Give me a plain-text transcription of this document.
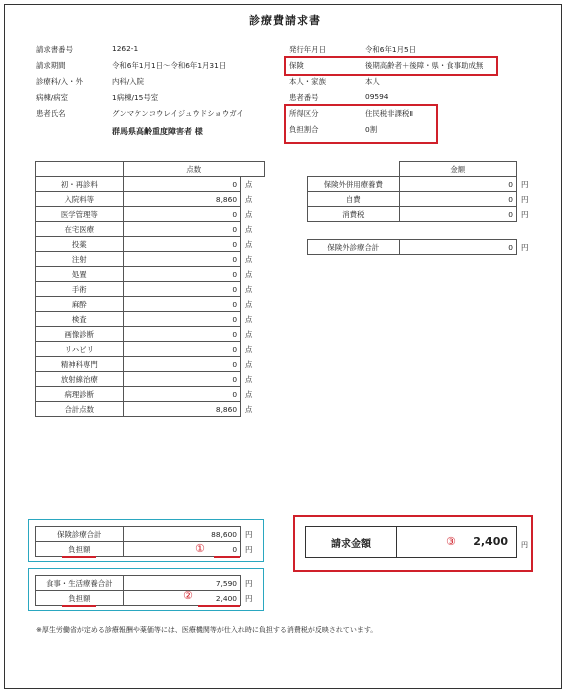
診療費請求書
請求書番号	1262-1
請求期間	令和6年1月1日～令和6年1月31日
診療科/入・外	内科/入院
病棟/病室	1病棟/15号室
患者氏名	グンマケンコウレイジュウドショウガイ
群馬県高齢重度障害者 様
発行年月日	令和6年1月5日
保険	後期高齢者＋後障・県・食事助成無
本人・家族	本人
患者番号	09594
所得区分	住民税非課税Ⅱ
負担割合	0割
	点数	
初・再診料	0	点
入院料等	8,860	点
医学管理等	0	点
在宅医療	0	点
投薬	0	点
注射	0	点
処置	0	点
手術	0	点
麻酔	0	点
検査	0	点
画像診断	0	点
リハビリ	0	点
精神科専門	0	点
放射線治療	0	点
病理診断	0	点
合計点数	8,860	点
	金額	
保険外併用療養費	0	円
自費	0	円
消費税	0	円

保険外診療合計	0	円
保険診療合計	88,600	円
負担額	0	円
①
食事・生活療養合計	7,590	円
負担額	2,400	円
②
請求金額	③ 2,400 円
※厚生労働省が定める診療報酬や薬価等には、医療機関等が仕入れ時に負担する消費税が反映されています。
